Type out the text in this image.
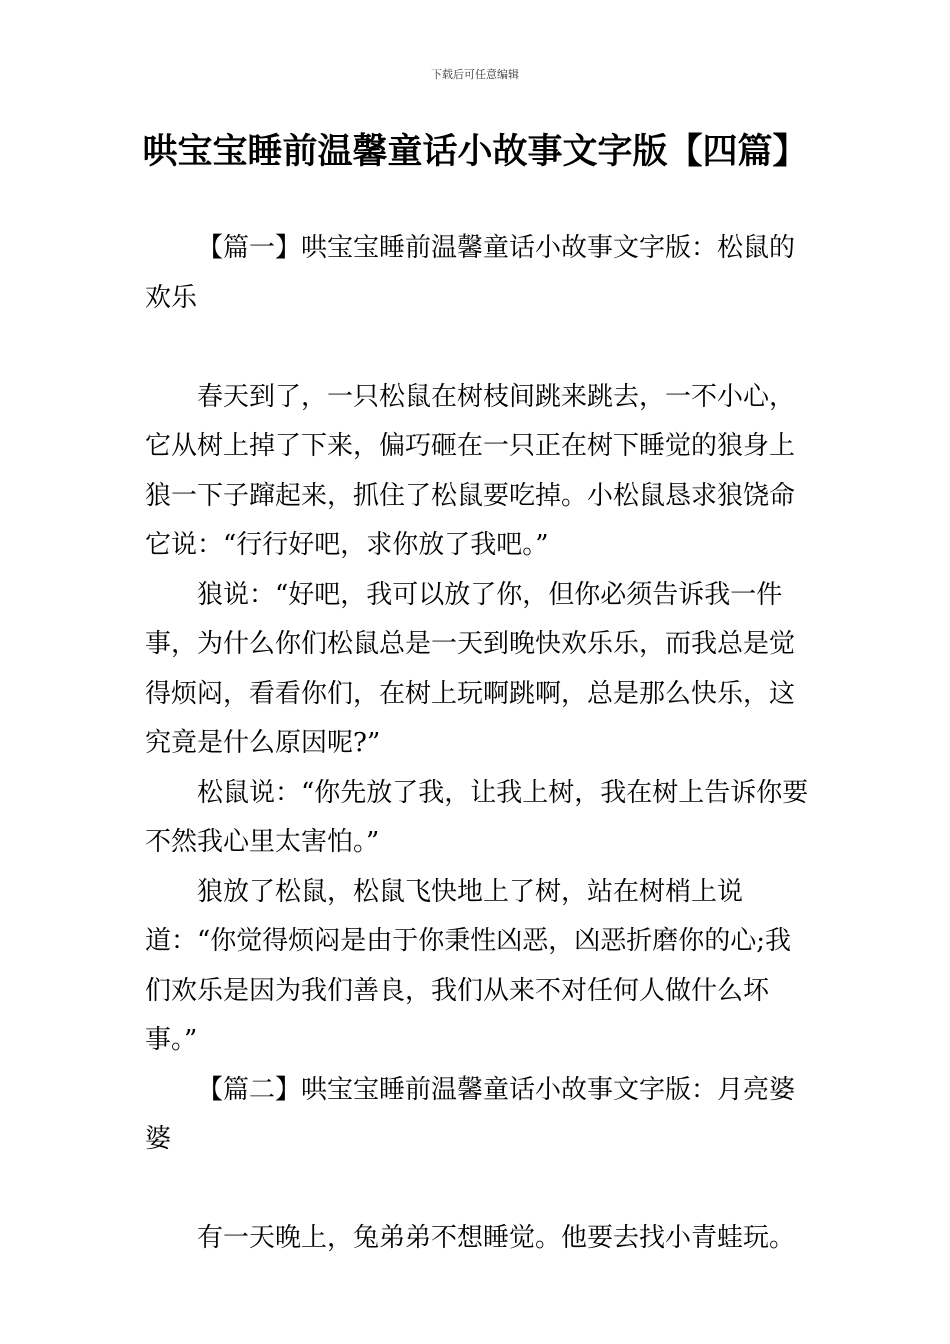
下载后可任意编辑
哄宝宝睡前温馨童话小故事文字版【四篇】

【篇一】哄宝宝睡前温馨童话小故事文字版：松鼠的欢乐

春天到了，一只松鼠在树枝间跳来跳去，一不小心，它从树上掉了下来，偏巧砸在一只正在树下睡觉的狼身上狼一下子蹿起来，抓住了松鼠要吃掉。小松鼠恳求狼饶命它说：“行行好吧，求你放了我吧。”

狼说：“好吧，我可以放了你，但你必须告诉我一件事，为什么你们松鼠总是一天到晚快欢乐乐，而我总是觉得烦闷，看看你们，在树上玩啊跳啊，总是那么快乐，这究竟是什么原因呢?”

松鼠说：“你先放了我，让我上树，我在树上告诉你要不然我心里太害怕。”

狼放了松鼠，松鼠飞快地上了树，站在树梢上说道：“你觉得烦闷是由于你秉性凶恶，凶恶折磨你的心;我们欢乐是因为我们善良，我们从来不对任何人做什么坏事。”

【篇二】哄宝宝睡前温馨童话小故事文字版：月亮婆婆

有一天晚上，兔弟弟不想睡觉。他要去找小青蛙玩。
